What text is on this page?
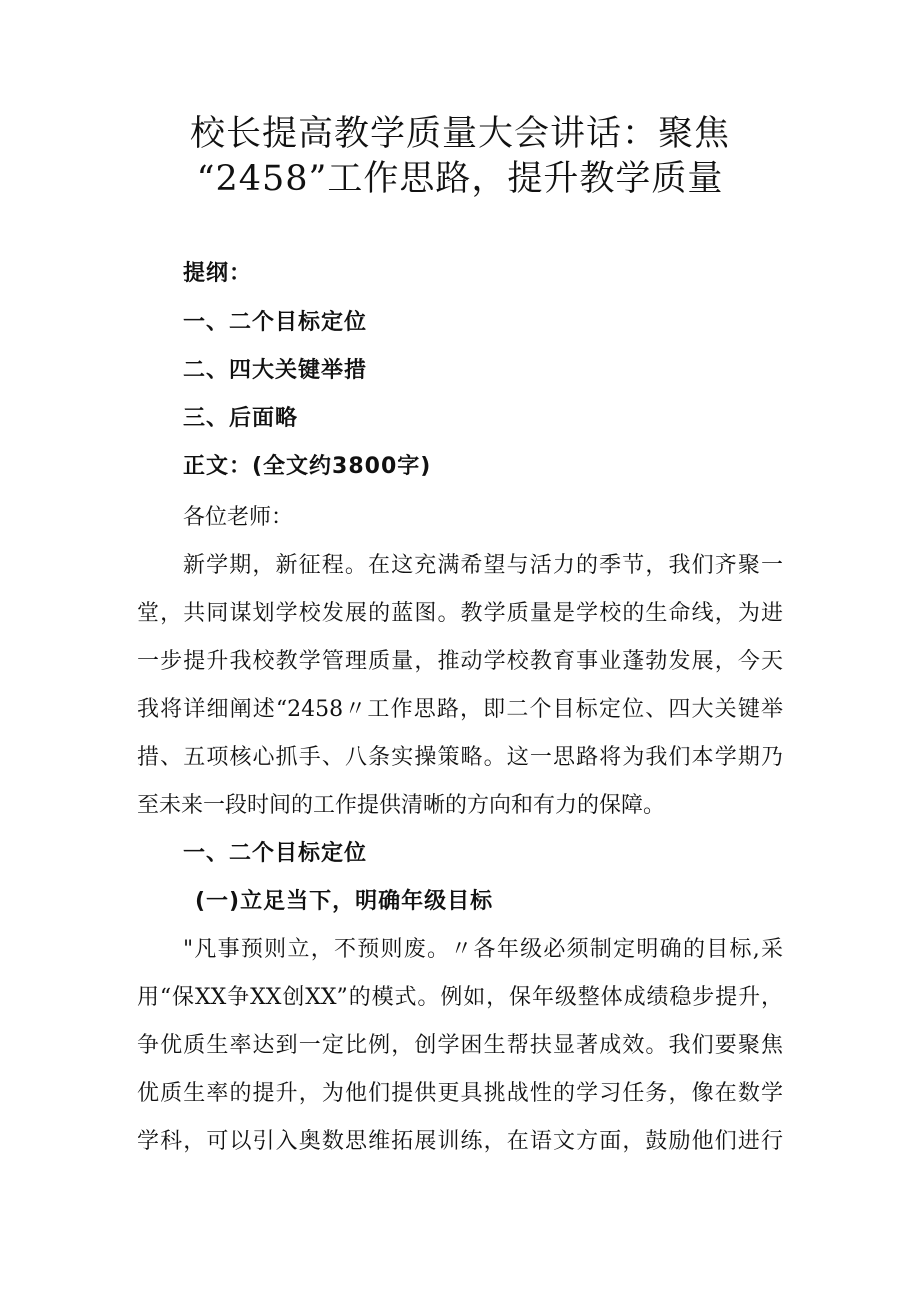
校长提高教学质量大会讲话：聚焦
“2458”工作思路，提升教学质量
提纲：
一、二个目标定位
二、四大关键举措
三、后面略
正文：(全文约3800字)
各位老师：
新学期，新征程。在这充满希望与活力的季节，我们齐聚一
堂，共同谋划学校发展的蓝图。教学质量是学校的生命线，为进
一步提升我校教学管理质量，推动学校教育事业蓬勃发展，今天
我将详细阐述“2458〃工作思路，即二个目标定位、四大关键举
措、五项核心抓手、八条实操策略。这一思路将为我们本学期乃
至未来一段时间的工作提供清晰的方向和有力的保障。
一、二个目标定位
(一)立足当下，明确年级目标
"凡事预则立，不预则废。〃各年级必须制定明确的目标,采
用“保XX争XX创XX”的模式。例如，保年级整体成绩稳步提升，
争优质生率达到一定比例，创学困生帮扶显著成效。我们要聚焦
优质生率的提升，为他们提供更具挑战性的学习任务，像在数学
学科，可以引入奥数思维拓展训练，在语文方面，鼓励他们进行
